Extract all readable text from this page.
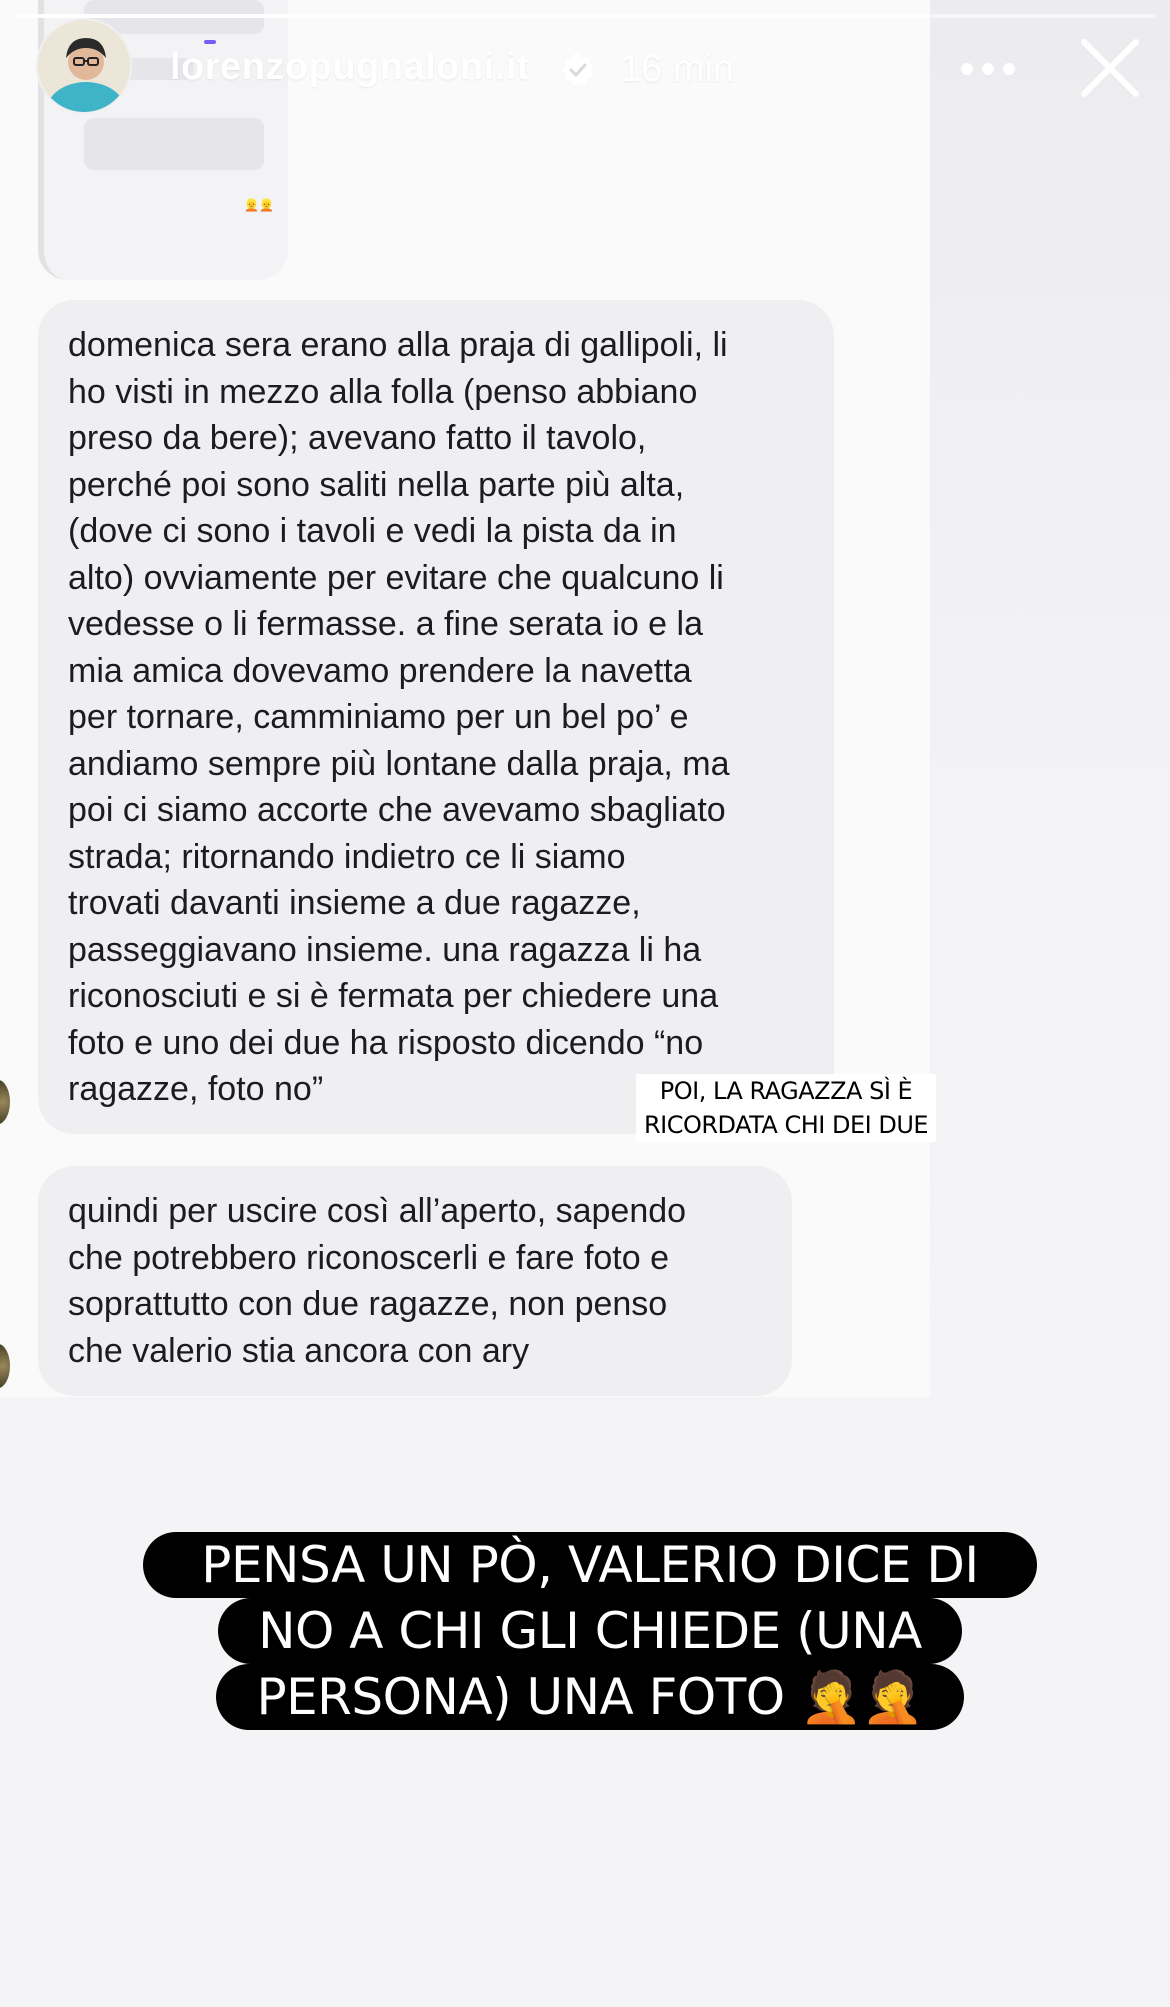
👱👱

domenica sera erano alla praja di gallipoli, li
ho visti in mezzo alla folla (penso abbiano
preso da bere); avevano fatto il tavolo,
perché poi sono saliti nella parte più alta,
(dove ci sono i tavoli e vedi la pista da in
alto) ovviamente per evitare che qualcuno li
vedesse o li fermasse. a fine serata io e la
mia amica dovevamo prendere la navetta
per tornare, camminiamo per un bel po’ e
andiamo sempre più lontane dalla praja, ma
poi ci siamo accorte che avevamo sbagliato
strada; ritornando indietro ce li siamo
trovati davanti insieme a due ragazze,
passeggiavano insieme. una ragazza li ha
riconosciuti e si è fermata per chiedere una
foto e uno dei due ha risposto dicendo “no
ragazze, foto no”

quindi per uscire così all’aperto, sapendo
che potrebbero riconoscerli e fare foto e
soprattutto con due ragazze, non penso
che valerio stia ancora con ary

lorenzopugnaloni.it 16 min
POI, LA RAGAZZA SÌ È
RICORDATA CHI DEI DUE
PENSA UN PÒ, VALERIO DICE DI
NO A CHI GLI CHIEDE (UNA
PERSONA) UNA FOTO 🤦🤦
